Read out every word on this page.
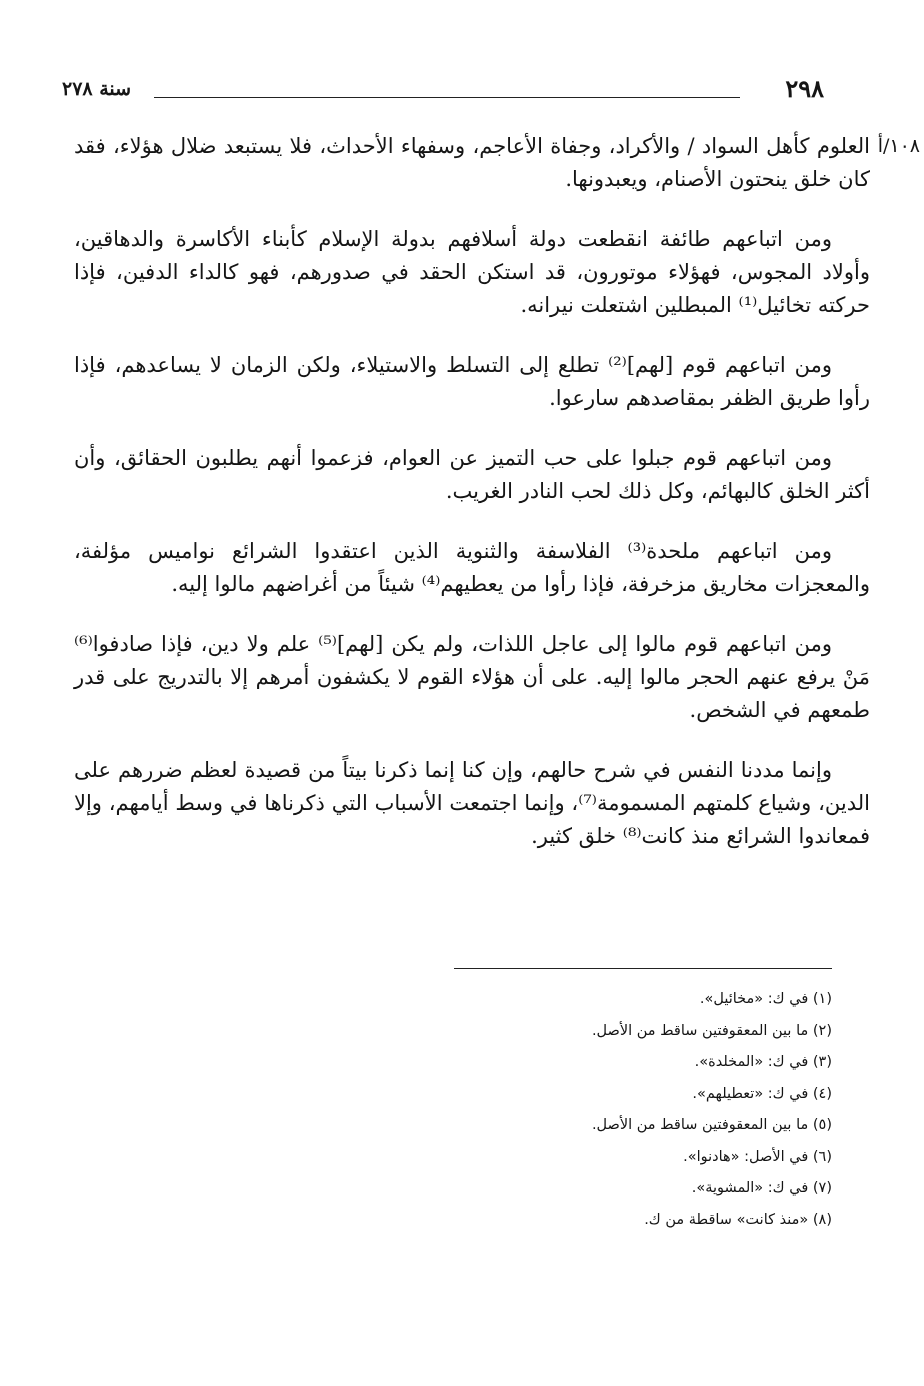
٢٩٨
سنة ٢٧٨
١٠٨/أ

العلوم كأهل السواد / والأكراد، وجفاة الأعاجم، وسفهاء الأحداث، فلا يستبعد ضلال هؤلاء، فقد كان خلق ينحتون الأصنام، ويعبدونها.

ومن اتباعهم طائفة انقطعت دولة أسلافهم بدولة الإسلام كأبناء الأكاسرة والدهاقين، وأولاد المجوس، فهؤلاء موتورون، قد استكن الحقد في صدورهم، فهو كالداء الدفين، فإذا حركته تخائيل⁽¹⁾ المبطلين اشتعلت نيرانه.

ومن اتباعهم قوم [لهم]⁽²⁾ تطلع إلى التسلط والاستيلاء، ولكن الزمان لا يساعدهم، فإذا رأوا طريق الظفر بمقاصدهم سارعوا.

ومن اتباعهم قوم جبلوا على حب التميز عن العوام، فزعموا أنهم يطلبون الحقائق، وأن أكثر الخلق كالبهائم، وكل ذلك لحب النادر الغريب.

ومن اتباعهم ملحدة⁽³⁾ الفلاسفة والثنوية الذين اعتقدوا الشرائع نواميس مؤلفة، والمعجزات مخاريق مزخرفة، فإذا رأوا من يعطيهم⁽⁴⁾ شيئاً من أغراضهم مالوا إليه.

ومن اتباعهم قوم مالوا إلى عاجل اللذات، ولم يكن [لهم]⁽⁵⁾ علم ولا دين، فإذا صادفوا⁽⁶⁾ مَنْ يرفع عنهم الحجر مالوا إليه. على أن هؤلاء القوم لا يكشفون أمرهم إلا بالتدريج على قدر طمعهم في الشخص.

وإنما مددنا النفس في شرح حالهم، وإن كنا إنما ذكرنا بيتاً من قصيدة لعظم ضررهم على الدين، وشياع كلمتهم المسمومة⁽⁷⁾، وإنما اجتمعت الأسباب التي ذكرناها في وسط أيامهم، وإلا فمعاندوا الشرائع منذ كانت⁽⁸⁾ خلق كثير.

(١) في ك: «مخائيل».
(٢) ما بين المعقوفتين ساقط من الأصل.
(٣) في ك: «المخلدة».
(٤) في ك: «تعطيلهم».
(٥) ما بين المعقوفتين ساقط من الأصل.
(٦) في الأصل: «هادنوا».
(٧) في ك: «المشوية».
(٨) «منذ كانت» ساقطة من ك.
